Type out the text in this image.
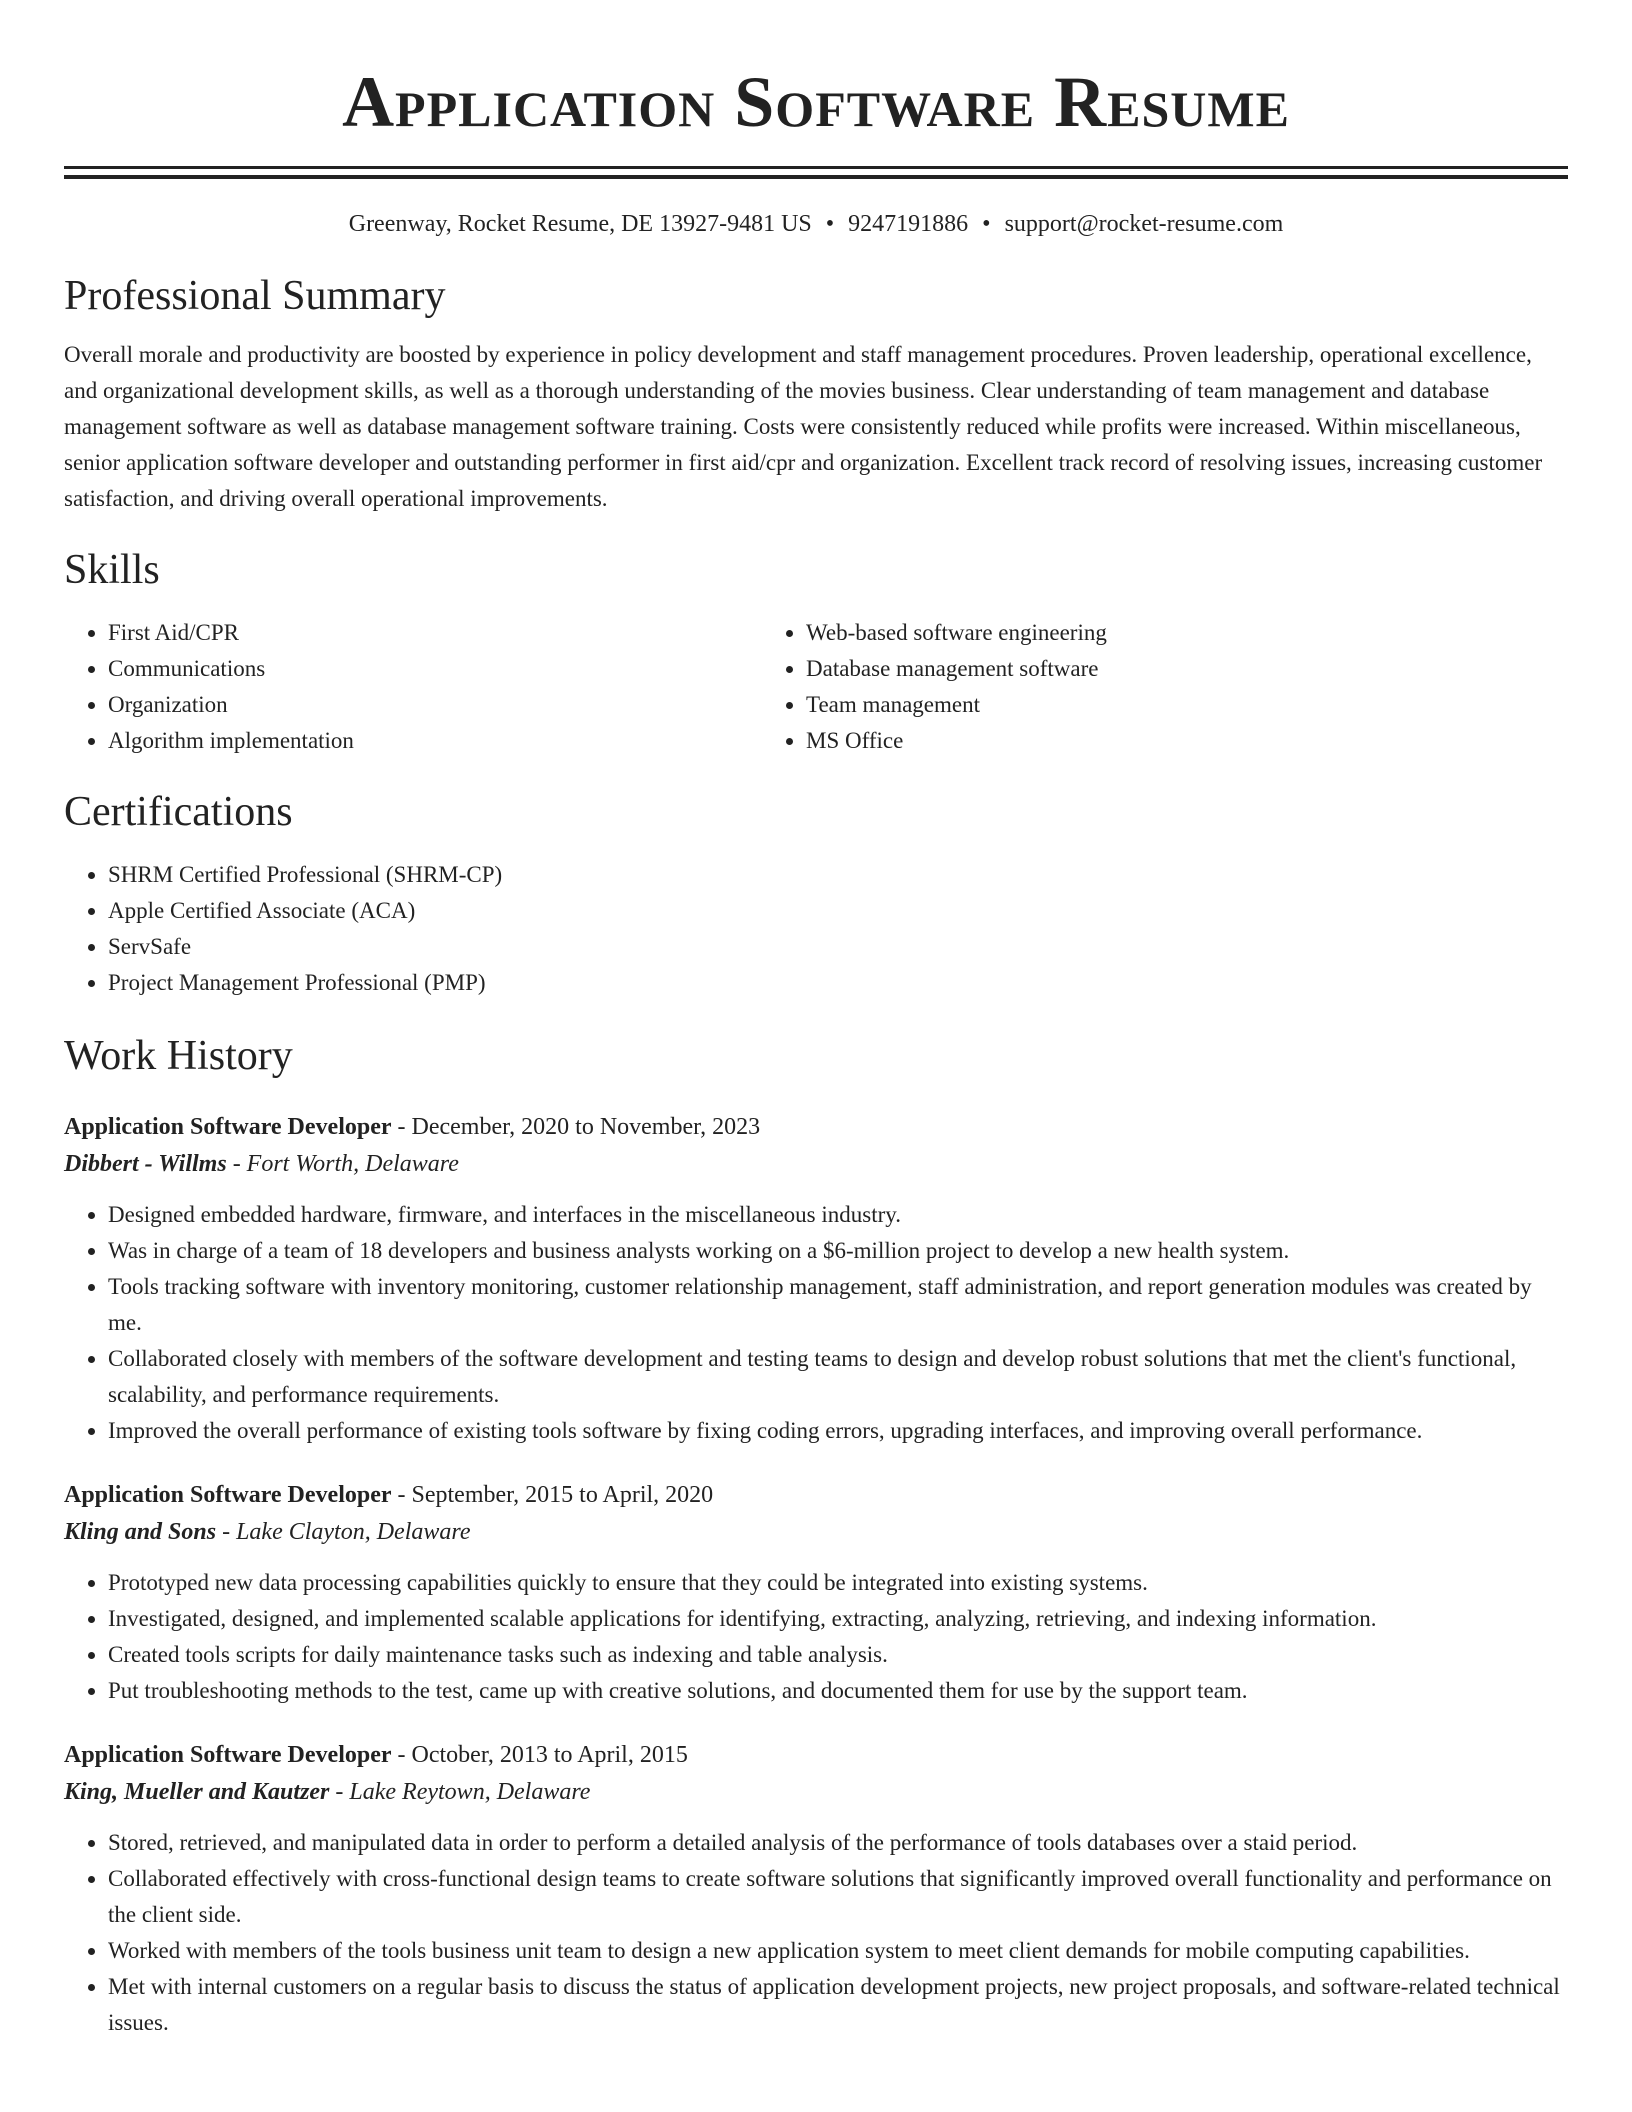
Application Software Resume
Greenway, Rocket Resume, DE 13927-9481 US • 9247191886 • support@rocket-resume.com
Professional Summary
Overall morale and productivity are boosted by experience in policy development and staff management procedures. Proven leadership, operational excellence, and organizational development skills, as well as a thorough understanding of the movies business. Clear understanding of team management and database management software as well as database management software training. Costs were consistently reduced while profits were increased. Within miscellaneous, senior application software developer and outstanding performer in first aid/cpr and organization. Excellent track record of resolving issues, increasing customer satisfaction, and driving overall operational improvements.
Skills
• First Aid/CPR
• Communications
• Organization
• Algorithm implementation
• Web-based software engineering
• Database management software
• Team management
• MS Office
Certifications
• SHRM Certified Professional (SHRM-CP)
• Apple Certified Associate (ACA)
• ServSafe
• Project Management Professional (PMP)
Work History
Application Software Developer - December, 2020 to November, 2023
Dibbert - Willms - Fort Worth, Delaware
• Designed embedded hardware, firmware, and interfaces in the miscellaneous industry.
• Was in charge of a team of 18 developers and business analysts working on a $6-million project to develop a new health system.
• Tools tracking software with inventory monitoring, customer relationship management, staff administration, and report generation modules was created by me.
• Collaborated closely with members of the software development and testing teams to design and develop robust solutions that met the client's functional, scalability, and performance requirements.
• Improved the overall performance of existing tools software by fixing coding errors, upgrading interfaces, and improving overall performance.
Application Software Developer - September, 2015 to April, 2020
Kling and Sons - Lake Clayton, Delaware
• Prototyped new data processing capabilities quickly to ensure that they could be integrated into existing systems.
• Investigated, designed, and implemented scalable applications for identifying, extracting, analyzing, retrieving, and indexing information.
• Created tools scripts for daily maintenance tasks such as indexing and table analysis.
• Put troubleshooting methods to the test, came up with creative solutions, and documented them for use by the support team.
Application Software Developer - October, 2013 to April, 2015
King, Mueller and Kautzer - Lake Reytown, Delaware
• Stored, retrieved, and manipulated data in order to perform a detailed analysis of the performance of tools databases over a staid period.
• Collaborated effectively with cross-functional design teams to create software solutions that significantly improved overall functionality and performance on the client side.
• Worked with members of the tools business unit team to design a new application system to meet client demands for mobile computing capabilities.
• Met with internal customers on a regular basis to discuss the status of application development projects, new project proposals, and software-related technical issues.
